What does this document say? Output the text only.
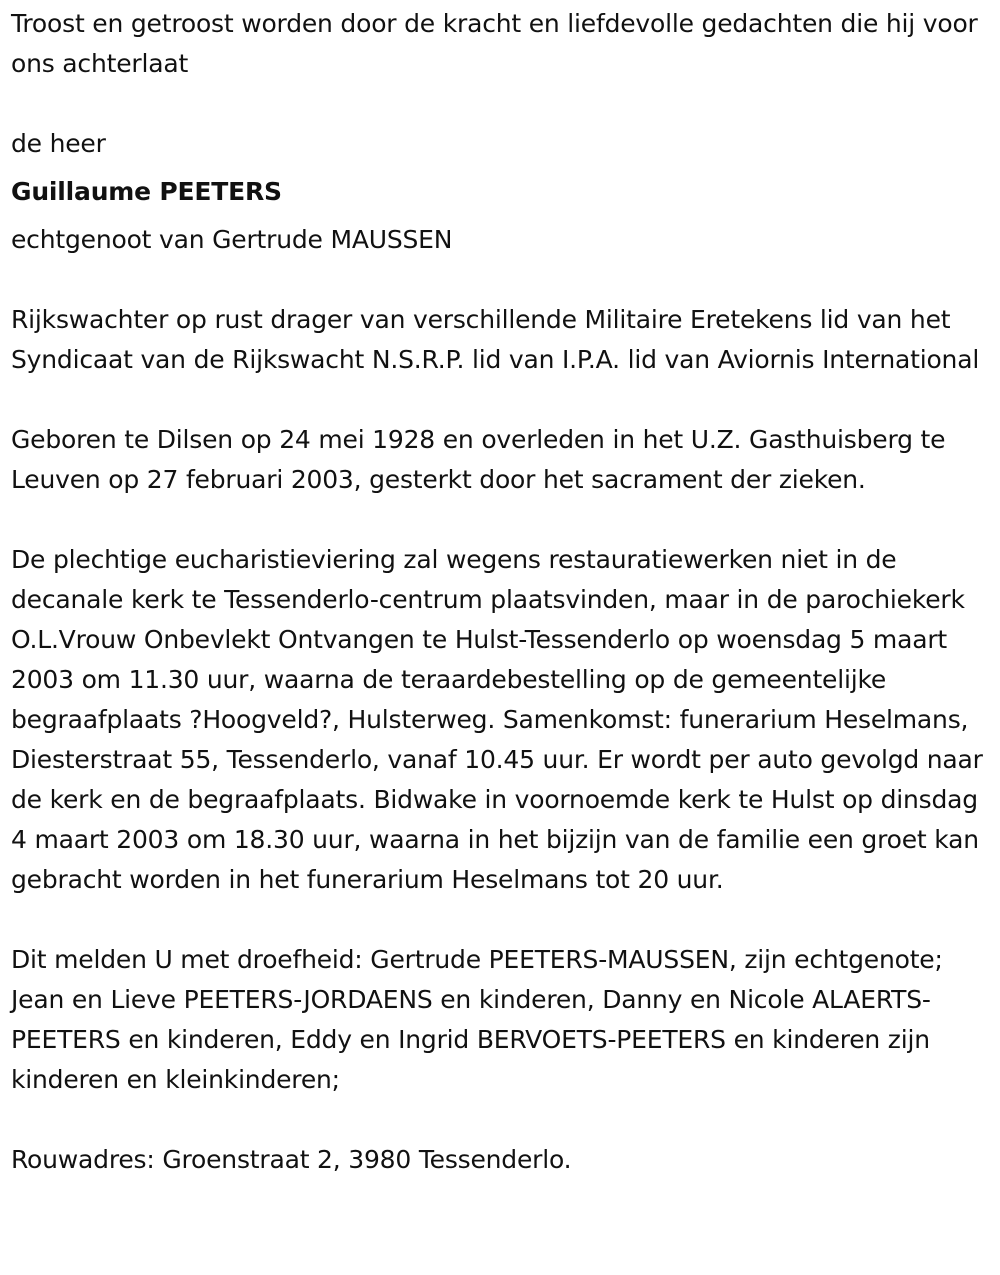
Troost en getroost worden door de kracht en liefdevolle gedachten die hij voor ons achterlaat

de heer

Guillaume PEETERS

echtgenoot van Gertrude MAUSSEN

Rijkswachter op rust drager van verschillende Militaire Eretekens lid van het Syndicaat van de Rijkswacht N.S.R.P. lid van I.P.A. lid van Aviornis International

Geboren te Dilsen op 24 mei 1928 en overleden in het U.Z. Gasthuisberg te Leuven op 27 februari 2003, gesterkt door het sacrament der zieken.

De plechtige eucharistieviering zal wegens restauratiewerken niet in de decanale kerk te Tessenderlo-centrum plaatsvinden, maar in de parochiekerk O.L.Vrouw Onbevlekt Ontvangen te Hulst-Tessenderlo op woensdag 5 maart 2003 om 11.30 uur, waarna de teraardebestelling op de gemeentelijke begraafplaats ?Hoogveld?, Hulsterweg. Samenkomst: funerarium Heselmans, Diesterstraat 55, Tessenderlo, vanaf 10.45 uur. Er wordt per auto gevolgd naar de kerk en de begraafplaats. Bidwake in voornoemde kerk te Hulst op dinsdag 4 maart 2003 om 18.30 uur, waarna in het bijzijn van de familie een groet kan gebracht worden in het funerarium Heselmans tot 20 uur.

Dit melden U met droefheid: Gertrude PEETERS-MAUSSEN, zijn echtgenote; Jean en Lieve PEETERS-JORDAENS en kinderen, Danny en Nicole ALAERTS-PEETERS en kinderen, Eddy en Ingrid BERVOETS-PEETERS en kinderen zijn kinderen en kleinkinderen;

Rouwadres: Groenstraat 2, 3980 Tessenderlo.
